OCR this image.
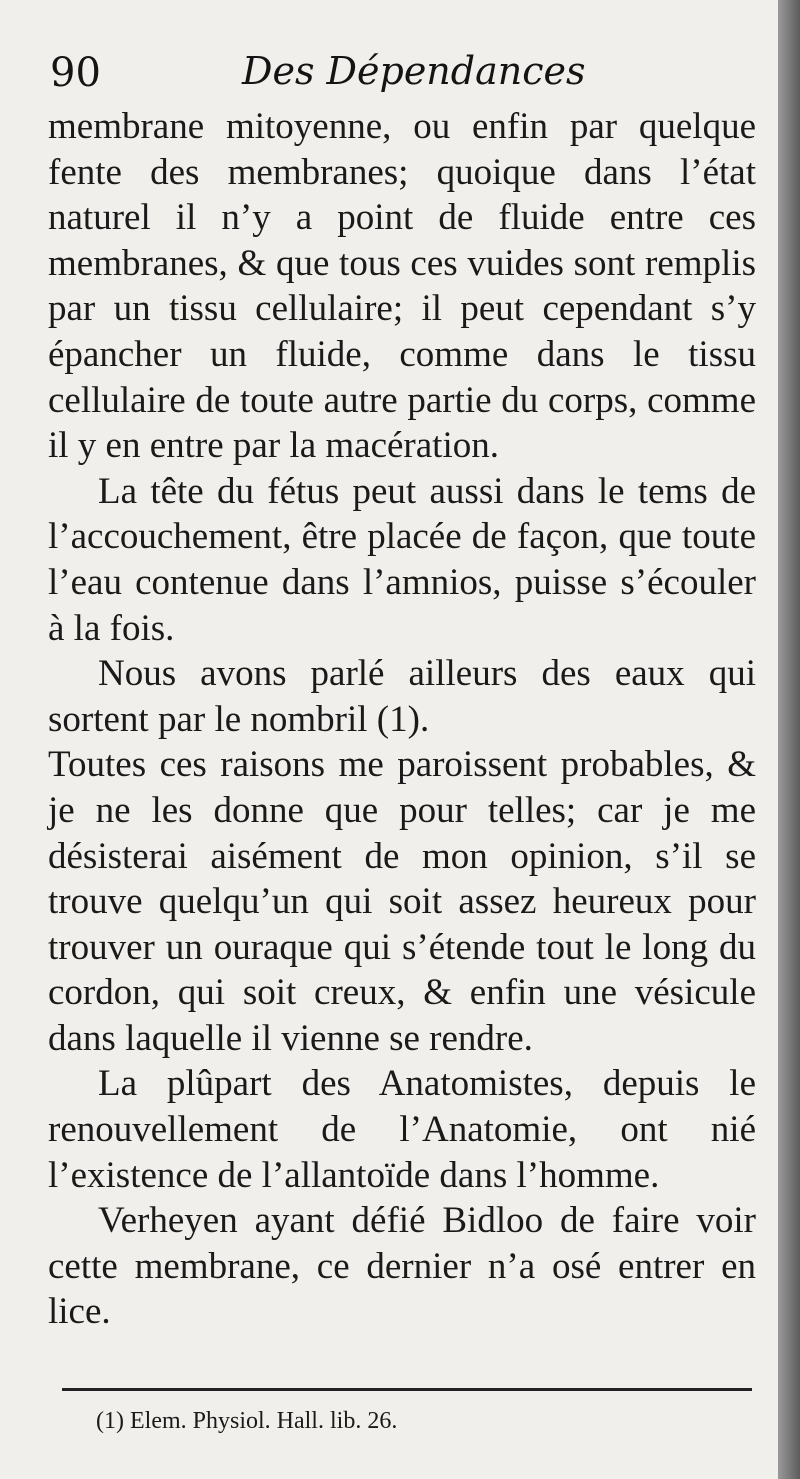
90	Des Dépendances

membrane mitoyenne, ou enfin par quelque fente des membranes; quoique dans l’état naturel il n’y a point de fluide entre ces membranes, & que tous ces vuides sont remplis par un tissu cellulaire; il peut cependant s’y épancher un fluide, comme dans le tissu cellulaire de toute autre partie du corps, comme il y en entre par la macération.

La tête du fétus peut aussi dans le tems de l’accouchement, être placée de façon, que toute l’eau contenue dans l’amnios, puisse s’écouler à la fois.

Nous avons parlé ailleurs des eaux qui sortent par le nombril (1).

Toutes ces raisons me paroissent probables, & je ne les donne que pour telles; car je me désisterai aisément de mon opinion, s’il se trouve quelqu’un qui soit assez heureux pour trouver un ouraque qui s’étende tout le long du cordon, qui soit creux, & enfin une vésicule dans laquelle il vienne se rendre.

La plûpart des Anatomistes, depuis le renouvellement de l’Anatomie, ont nié l’existence de l’allantoïde dans l’homme.

Verheyen ayant défié Bidloo de faire voir cette membrane, ce dernier n’a osé entrer en lice.

(1) Elem. Physiol. Hall. lib. 26.
